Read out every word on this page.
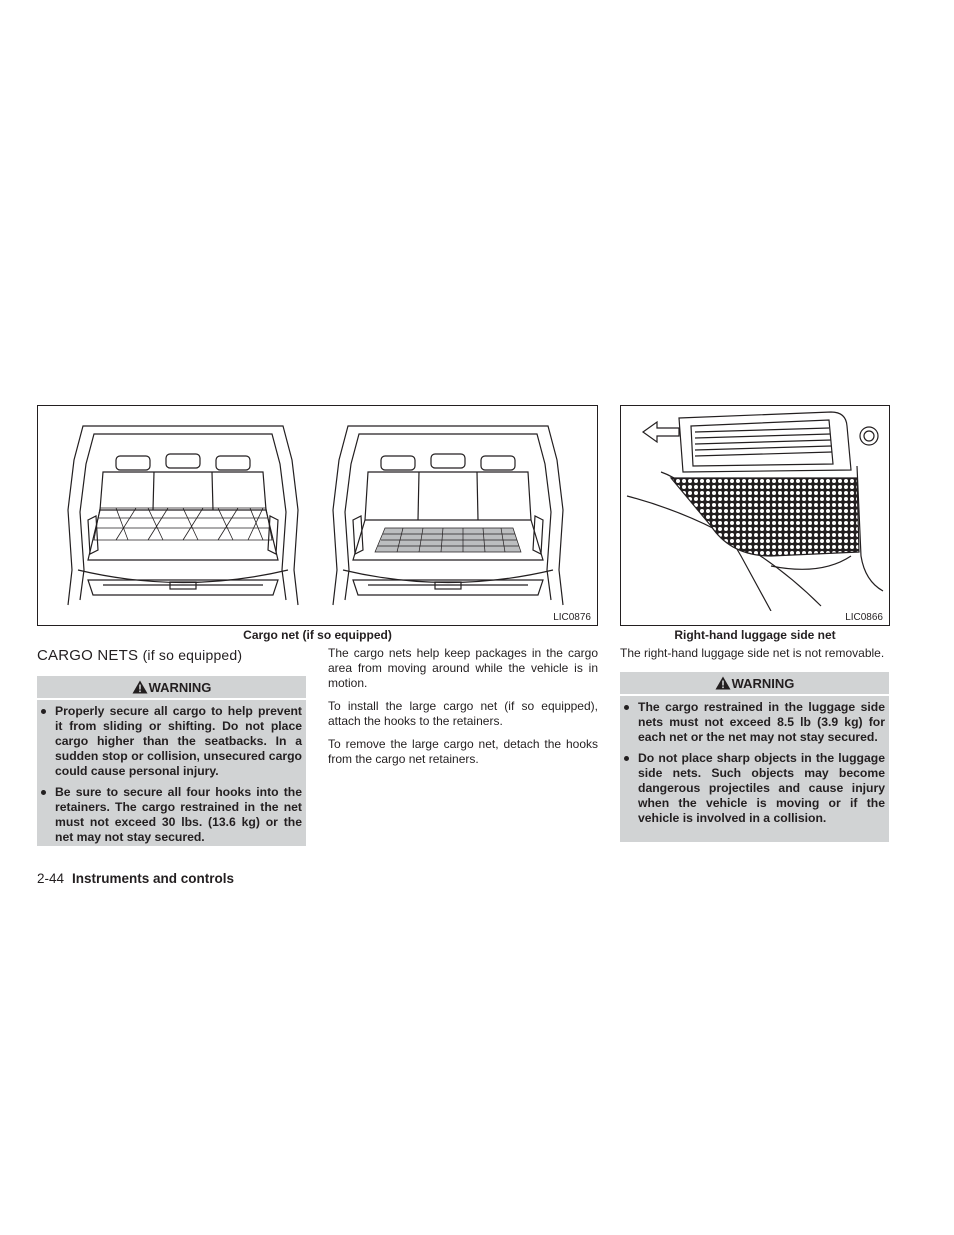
LIC0876
Cargo net (if so equipped)
LIC0866
Right-hand luggage side net
CARGO NETS (if so equipped)
WARNING
Properly secure all cargo to help prevent it from sliding or shifting. Do not place cargo higher than the seatbacks. In a sudden stop or collision, unsecured cargo could cause personal injury.
Be sure to secure all four hooks into the retainers. The cargo restrained in the net must not exceed 30 lbs. (13.6 kg) or the net may not stay secured.

The cargo nets help keep packages in the cargo area from moving around while the vehicle is in motion.

To install the large cargo net (if so equipped), attach the hooks to the retainers.

To remove the large cargo net, detach the hooks from the cargo net retainers.

The right-hand luggage side net is not removable.
WARNING
The cargo restrained in the luggage side nets must not exceed 8.5 lb (3.9 kg) for each net or the net may not stay secured.
Do not place sharp objects in the luggage side nets. Such objects may become dangerous projectiles and cause injury when the vehicle is moving or if the vehicle is involved in a collision.
2-44 Instruments and controls
